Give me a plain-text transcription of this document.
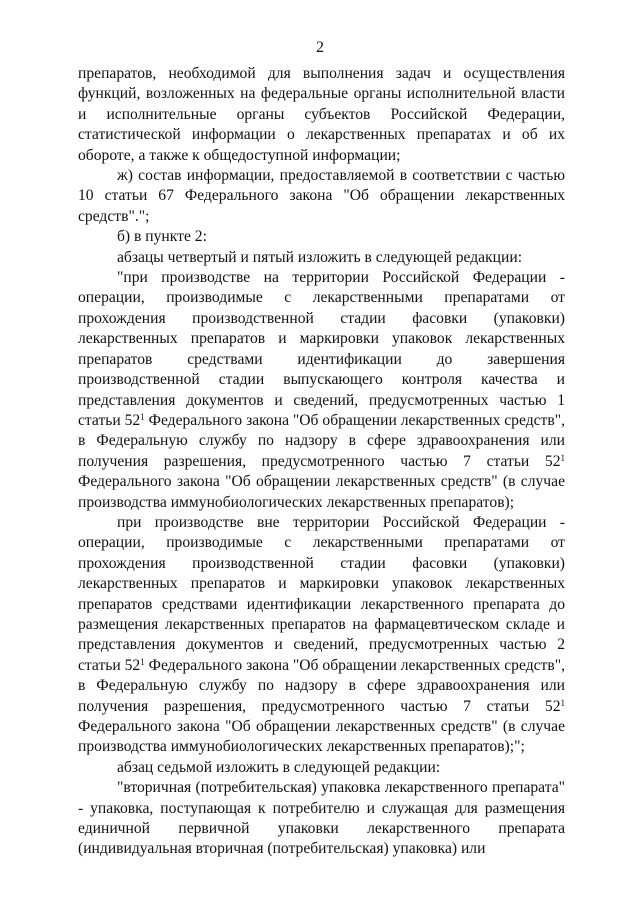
2

препаратов, необходимой для выполнения задач и осуществления функций, возложенных на федеральные органы исполнительной власти и исполнительные органы субъектов Российской Федерации, статистической информации о лекарственных препаратах и об их обороте, а также к общедоступной информации;

ж) состав информации, предоставляемой в соответствии с частью 10 статьи 67 Федерального закона "Об обращении лекарственных средств".";

б) в пункте 2:

абзацы четвертый и пятый изложить в следующей редакции:

"при производстве на территории Российской Федерации - операции, производимые с лекарственными препаратами от прохождения производственной стадии фасовки (упаковки) лекарственных препаратов и маркировки упаковок лекарственных препаратов средствами идентификации до завершения производственной стадии выпускающего контроля качества и представления документов и сведений, предусмотренных частью 1 статьи $52^1$ Федерального закона "Об обращении лекарственных средств", в Федеральную службу по надзору в сфере здравоохранения или получения разрешения, предусмотренного частью 7 статьи $52^1$ Федерального закона "Об обращении лекарственных средств" (в случае производства иммунобиологических лекарственных препаратов);

при производстве вне территории Российской Федерации - операции, производимые с лекарственными препаратами от прохождения производственной стадии фасовки (упаковки) лекарственных препаратов и маркировки упаковок лекарственных препаратов средствами идентификации лекарственного препарата до размещения лекарственных препаратов на фармацевтическом складе и представления документов и сведений, предусмотренных частью 2 статьи $52^1$ Федерального закона "Об обращении лекарственных средств", в Федеральную службу по надзору в сфере здравоохранения или получения разрешения, предусмотренного частью 7 статьи $52^1$ Федерального закона "Об обращении лекарственных средств" (в случае производства иммунобиологических лекарственных препаратов);";

абзац седьмой изложить в следующей редакции:

"вторичная (потребительская) упаковка лекарственного препарата" - упаковка, поступающая к потребителю и служащая для размещения единичной первичной упаковки лекарственного препарата (индивидуальная вторичная (потребительская) упаковка) или
